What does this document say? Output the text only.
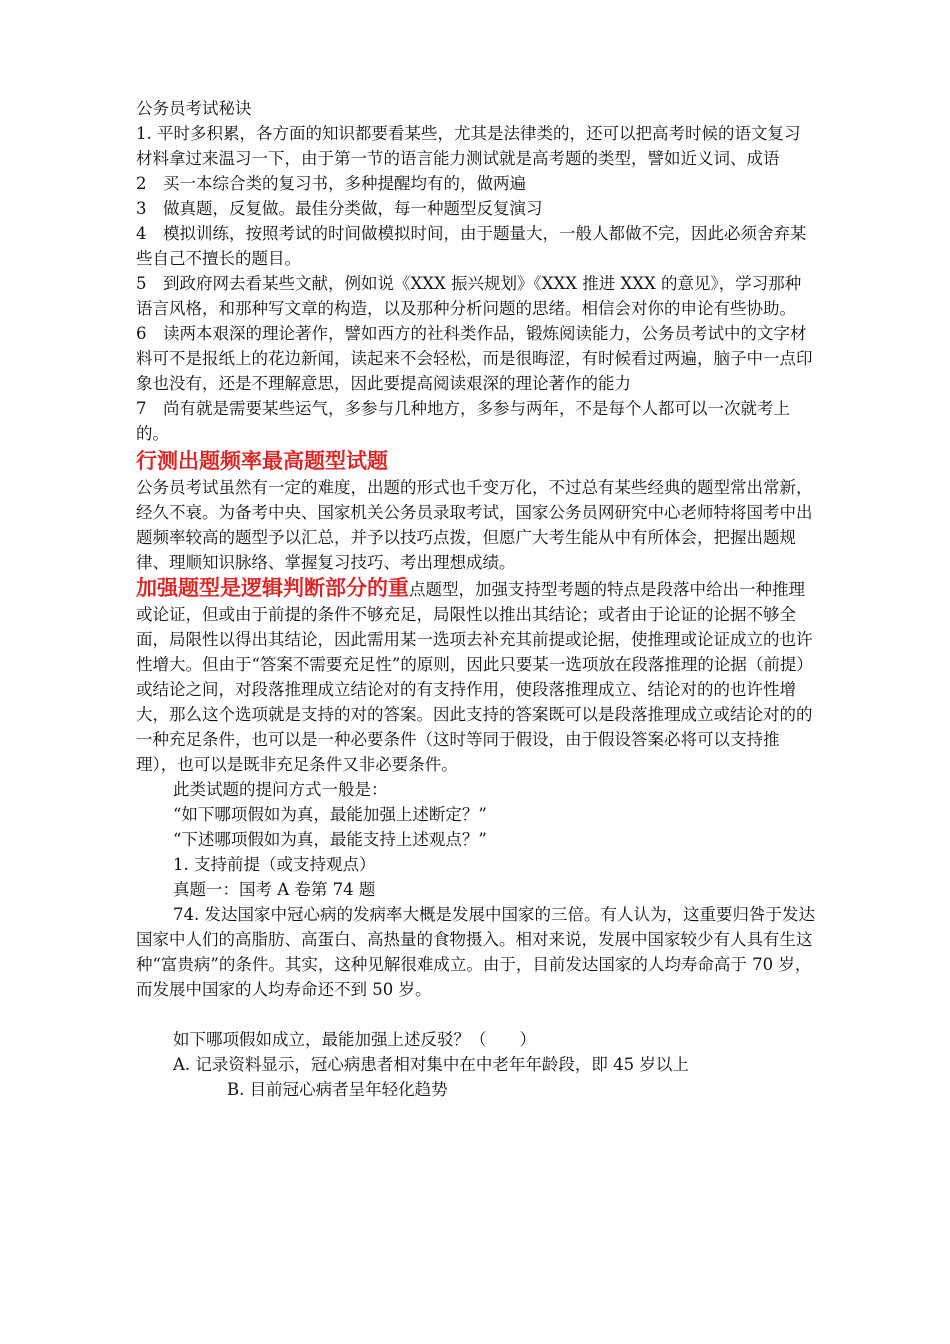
公务员考试秘诀

1. 平时多积累，各方面的知识都要看某些，尤其是法律类的，还可以把高考时候的语文复习材料拿过来温习一下，由于第一节的语言能力测试就是高考题的类型，譬如近义词、成语

2　买一本综合类的复习书，多种提醒均有的，做两遍

3　做真题，反复做。最佳分类做，每一种题型反复演习

4　模拟训练，按照考试的时间做模拟时间，由于题量大，一般人都做不完，因此必须舍弃某些自己不擅长的题目。

5　到政府网去看某些文献，例如说《XXX 振兴规划》《XXX 推进 XXX 的意见》，学习那种语言风格，和那种写文章的构造，以及那种分析问题的思绪。相信会对你的申论有些协助。

6　读两本艰深的理论著作，譬如西方的社科类作品，锻炼阅读能力，公务员考试中的文字材料可不是报纸上的花边新闻，读起来不会轻松，而是很晦涩，有时候看过两遍，脑子中一点印象也没有，还是不理解意思，因此要提高阅读艰深的理论著作的能力

7　尚有就是需要某些运气，多参与几种地方，多参与两年，不是每个人都可以一次就考上的。

行测出题频率最高题型试题

公务员考试虽然有一定的难度，出题的形式也千变万化，不过总有某些经典的题型常出常新，经久不衰。为备考中央、国家机关公务员录取考试，国家公务员网研究中心老师特将国考中出题频率较高的题型予以汇总，并予以技巧点拨，但愿广大考生能从中有所体会，把握出题规律、理顺知识脉络、掌握复习技巧、考出理想成绩。

加强题型是逻辑判断部分的重点题型，加强支持型考题的特点是段落中给出一种推理或论证，但或由于前提的条件不够充足，局限性以推出其结论；或者由于论证的论据不够全面，局限性以得出其结论，因此需用某一选项去补充其前提或论据，使推理或论证成立的也许性增大。但由于“答案不需要充足性”的原则，因此只要某一选项放在段落推理的论据（前提）或结论之间，对段落推理成立结论对的有支持作用，使段落推理成立、结论对的的也许性增大，那么这个选项就是支持的对的答案。因此支持的答案既可以是段落推理成立或结论对的的一种充足条件，也可以是一种必要条件（这时等同于假设，由于假设答案必将可以支持推理），也可以是既非充足条件又非必要条件。

此类试题的提问方式一般是：

“如下哪项假如为真，最能加强上述断定？”

“下述哪项假如为真，最能支持上述观点？”

1. 支持前提（或支持观点）

真题一：国考 A 卷第 74 题

74. 发达国家中冠心病的发病率大概是发展中国家的三倍。有人认为，这重要归咎于发达国家中人们的高脂肪、高蛋白、高热量的食物摄入。相对来说，发展中国家较少有人具有生这种“富贵病”的条件。其实，这种见解很难成立。由于，目前发达国家的人均寿命高于 70 岁，而发展中国家的人均寿命还不到 50 岁。

如下哪项假如成立，最能加强上述反驳？（　　）

A. 记录资料显示，冠心病患者相对集中在中老年年龄段，即 45 岁以上

B. 目前冠心病者呈年轻化趋势
